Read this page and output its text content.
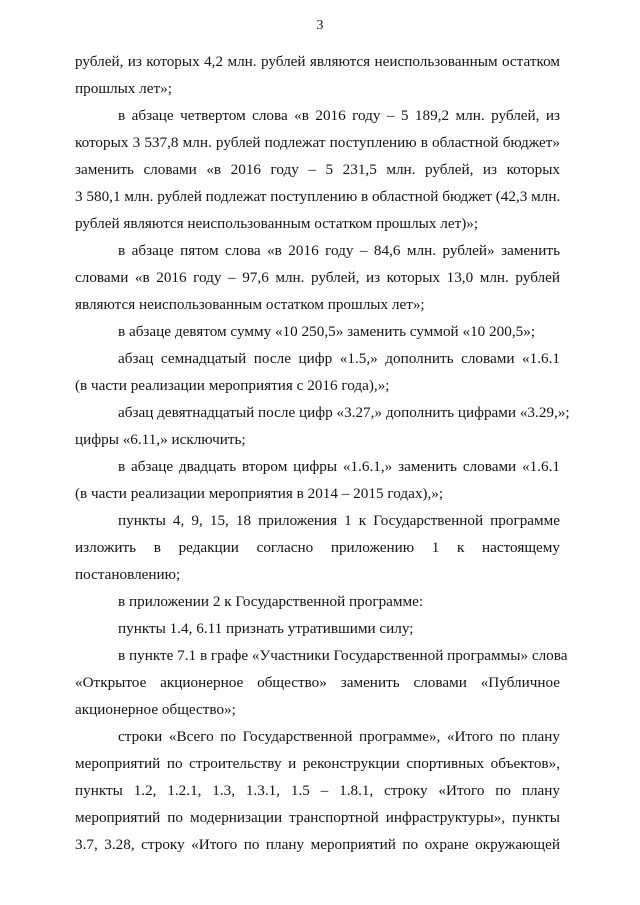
3
рублей, из которых 4,2 млн. рублей являются неиспользованным остатком
прошлых лет»;
в абзаце четвертом слова «в 2016 году – 5 189,2 млн. рублей, из
которых 3 537,8 млн. рублей подлежат поступлению в областной бюджет»
заменить словами «в 2016 году – 5 231,5 млн. рублей, из которых
3 580,1 млн. рублей подлежат поступлению в областной бюджет (42,3 млн.
рублей являются неиспользованным остатком прошлых лет)»;
в абзаце пятом слова «в 2016 году – 84,6 млн. рублей» заменить
словами «в 2016 году – 97,6 млн. рублей, из которых 13,0 млн. рублей
являются неиспользованным остатком прошлых лет»;
в абзаце девятом сумму «10 250,5» заменить суммой «10 200,5»;
абзац семнадцатый после цифр «1.5,» дополнить словами «1.6.1
(в части реализации мероприятия с 2016 года),»;
абзац девятнадцатый после цифр «3.27,» дополнить цифрами «3.29,»;
цифры «6.11,» исключить;
в абзаце двадцать втором цифры «1.6.1,» заменить словами «1.6.1
(в части реализации мероприятия в 2014 – 2015 годах),»;
пункты 4, 9, 15, 18 приложения 1 к Государственной программе
изложить в редакции согласно приложению 1 к настоящему
постановлению;
в приложении 2 к Государственной программе:
пункты 1.4, 6.11 признать утратившими силу;
в пункте 7.1 в графе «Участники Государственной программы» слова
«Открытое акционерное общество» заменить словами «Публичное
акционерное общество»;
строки «Всего по Государственной программе», «Итого по плану
мероприятий по строительству и реконструкции спортивных объектов»,
пункты 1.2, 1.2.1, 1.3, 1.3.1, 1.5 – 1.8.1, строку «Итого по плану
мероприятий по модернизации транспортной инфраструктуры», пункты
3.7, 3.28, строку «Итого по плану мероприятий по охране окружающей
